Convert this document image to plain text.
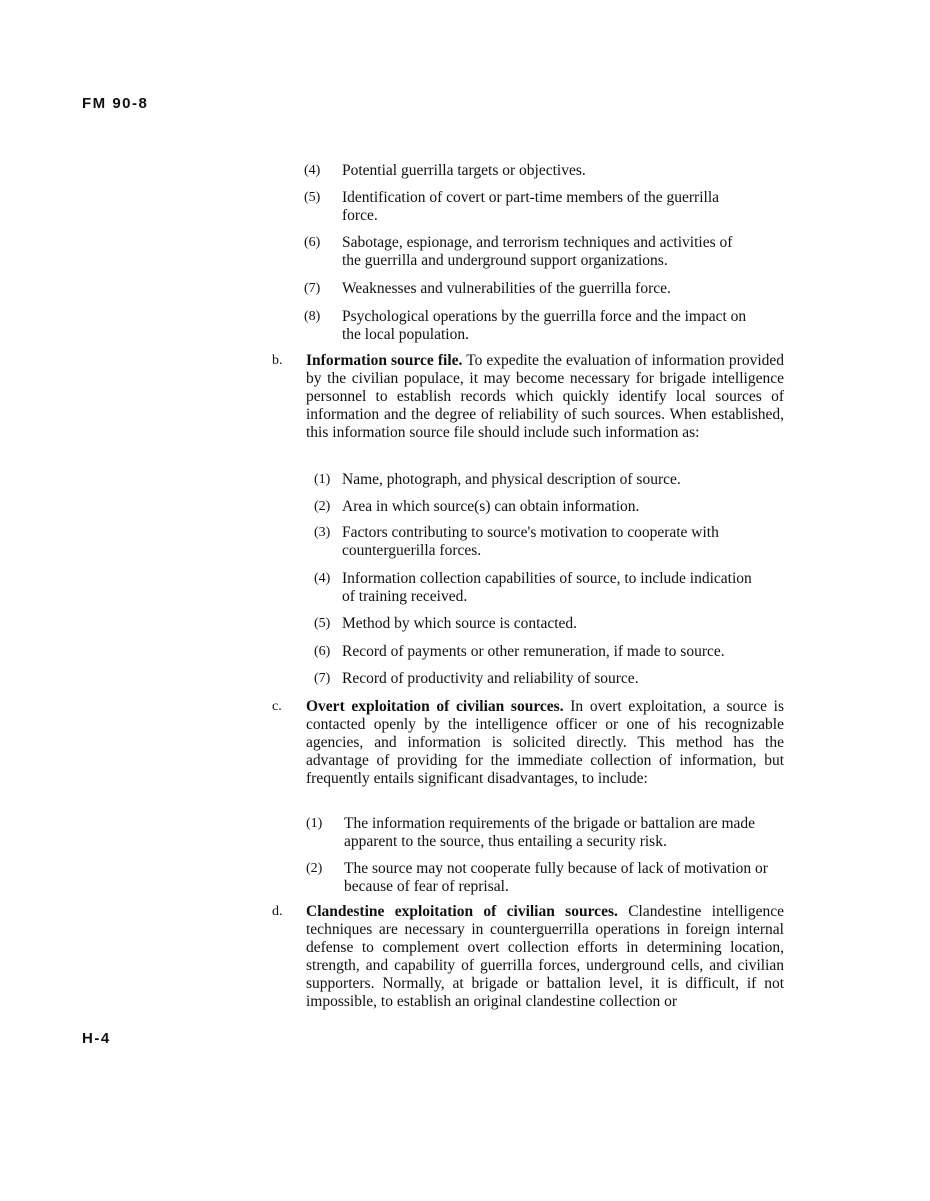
FM 90-8
(4)	Potential guerrilla targets or objectives.
(5)	Identification of covert or part-time members of the guerrilla force.
(6)	Sabotage, espionage, and terrorism techniques and activities of the guerrilla and underground support organizations.
(7)	Weaknesses and vulnerabilities of the guerrilla force.
(8)	Psychological operations by the guerrilla force and the impact on the local population.
b. Information source file. To expedite the evaluation of information provided by the civilian populace, it may become necessary for brigade intelligence personnel to establish records which quickly identify local sources of information and the degree of reliability of such sources. When established, this information source file should include such information as:
(1) Name, photograph, and physical description of source.
(2) Area in which source(s) can obtain information.
(3) Factors contributing to source's motivation to cooperate with counterguerilla forces.
(4) Information collection capabilities of source, to include indication of training received.
(5) Method by which source is contacted.
(6) Record of payments or other remuneration, if made to source.
(7) Record of productivity and reliability of source.
c. Overt exploitation of civilian sources. In overt exploitation, a source is contacted openly by the intelligence officer or one of his recognizable agencies, and information is solicited directly. This method has the advantage of providing for the immediate collection of information, but frequently entails significant disadvantages, to include:
(1)	The information requirements of the brigade or battalion are made apparent to the source, thus entailing a security risk.
(2)	The source may not cooperate fully because of lack of motivation or because of fear of reprisal.
d. Clandestine exploitation of civilian sources. Clandestine intelligence techniques are necessary in counterguerrilla operations in foreign internal defense to complement overt collection efforts in determining location, strength, and capability of guerrilla forces, underground cells, and civilian supporters. Normally, at brigade or battalion level, it is difficult, if not impossible, to establish an original clandestine collection or
H-4
